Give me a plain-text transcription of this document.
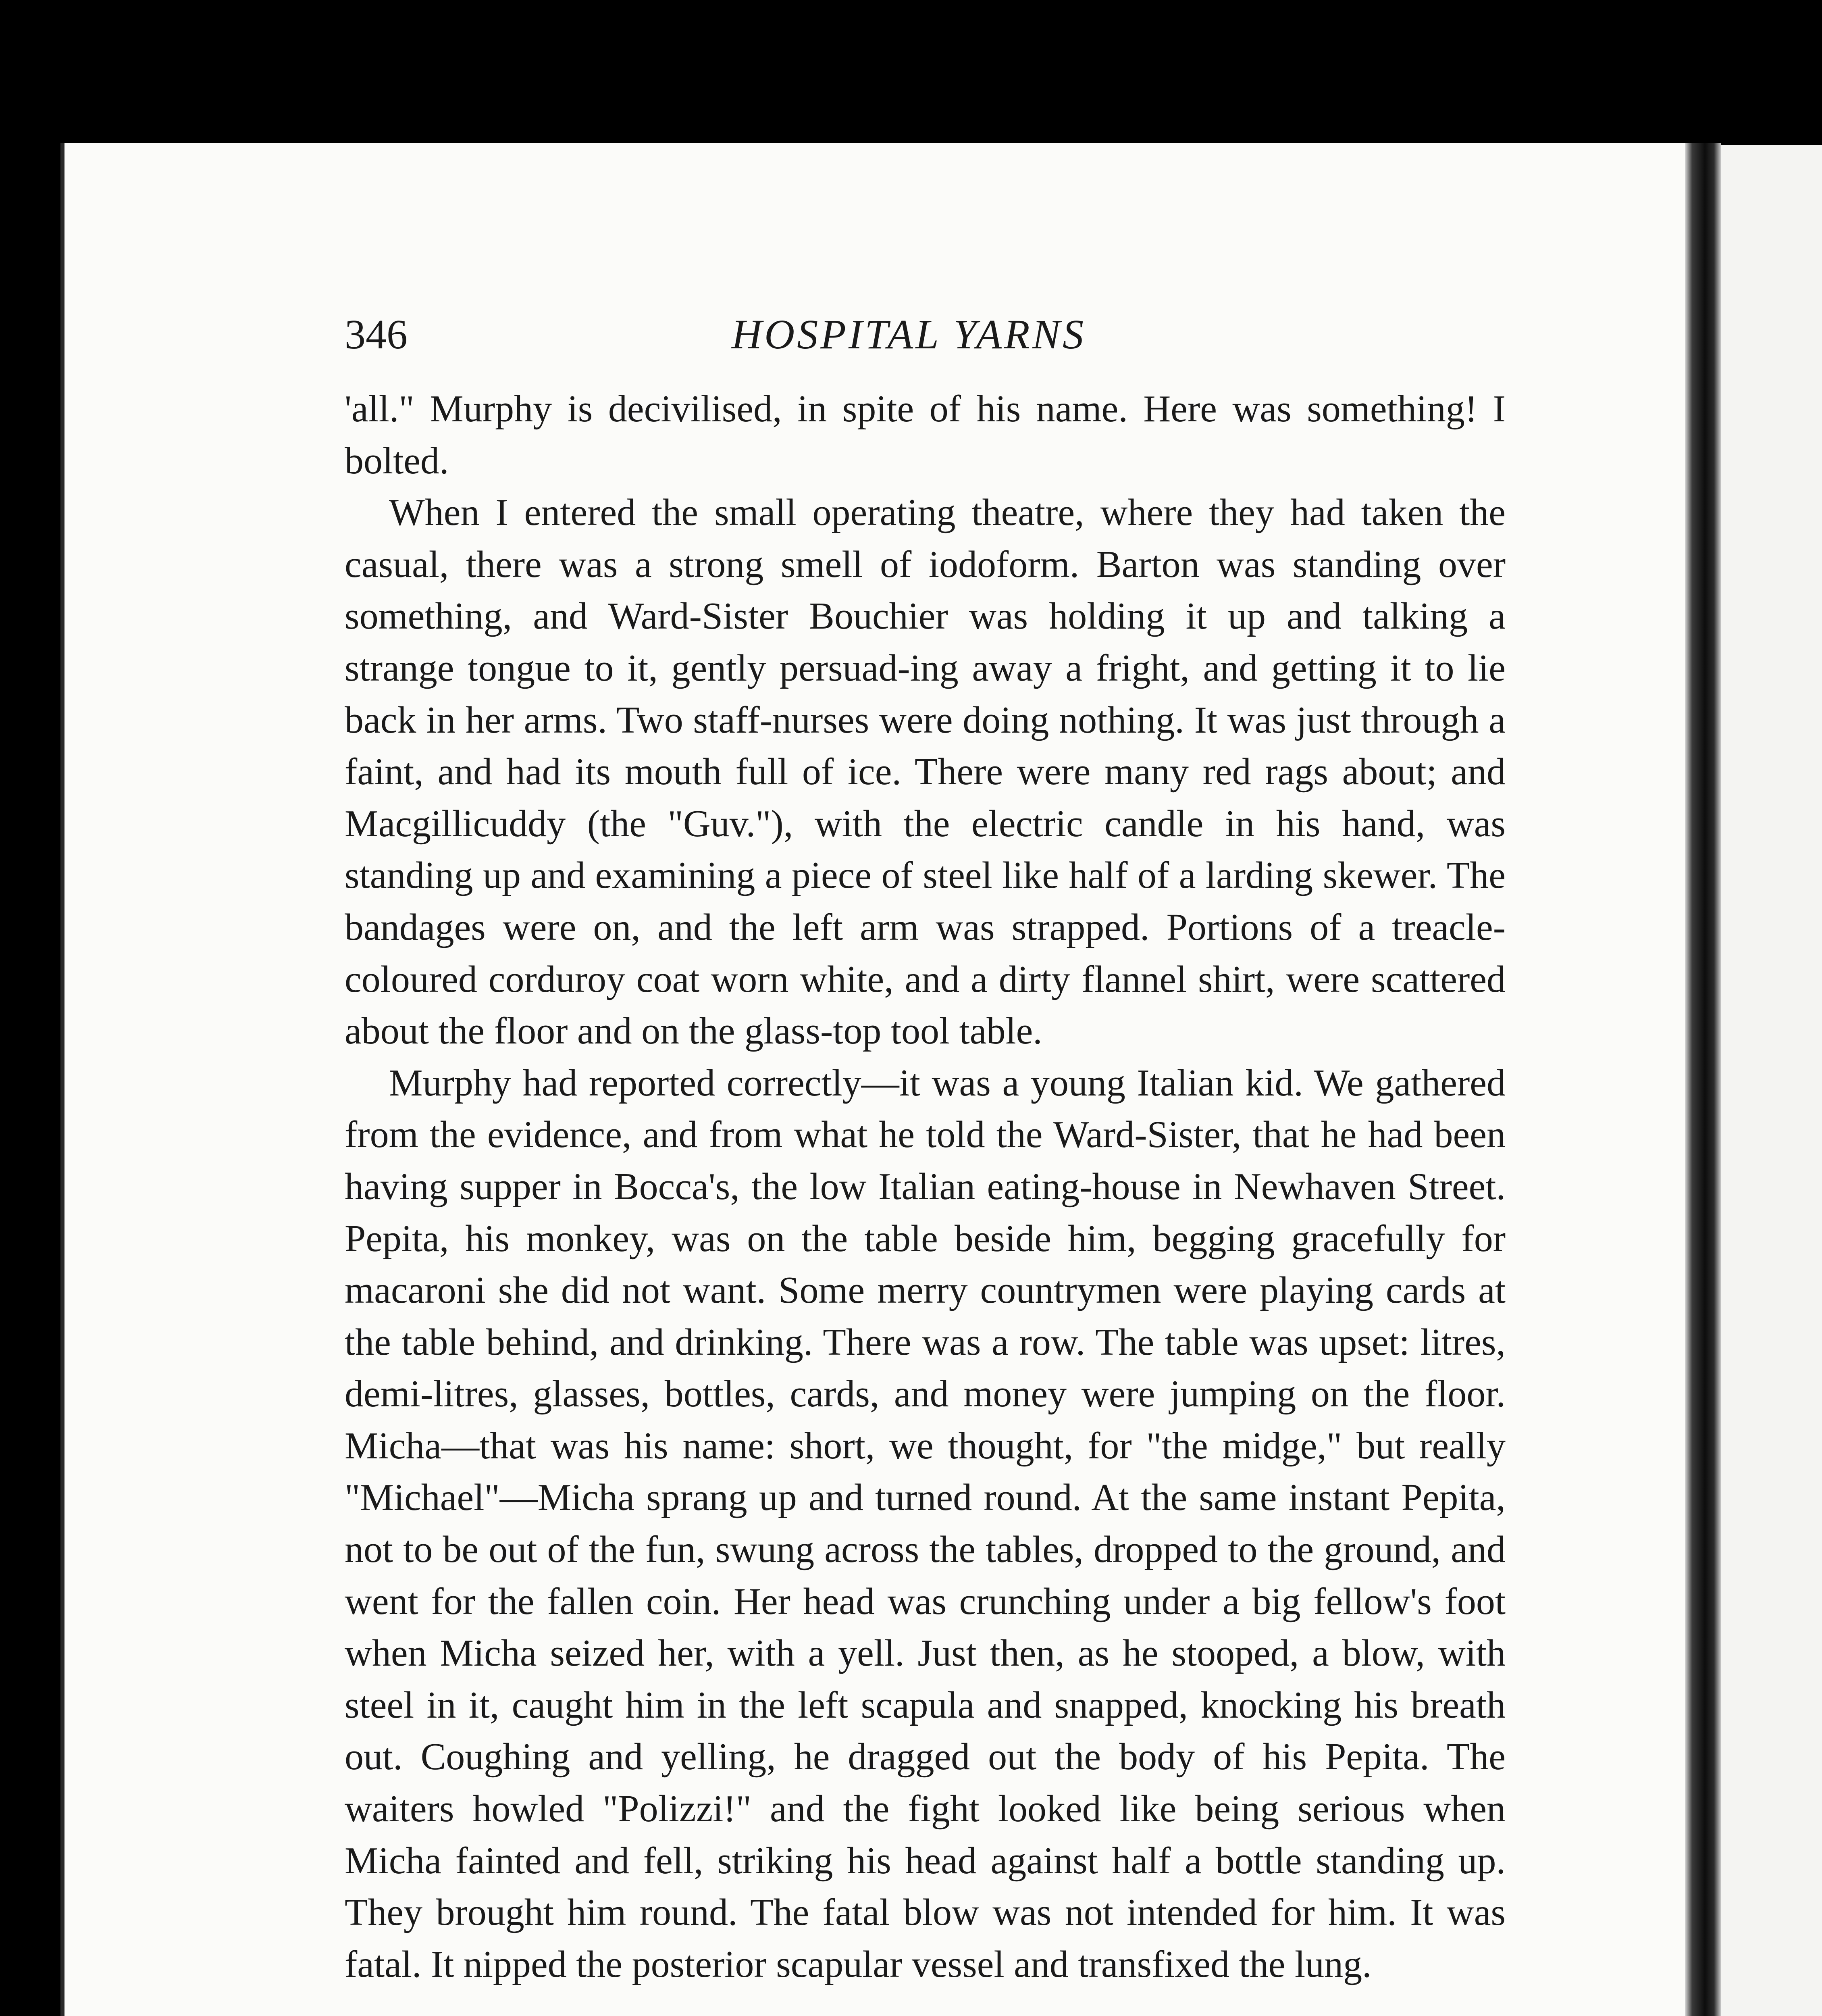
346	HOSPITAL YARNS

'all." Murphy is decivilised, in spite of his name. Here was something! I bolted.

When I entered the small operating theatre, where they had taken the casual, there was a strong smell of iodoform. Barton was standing over something, and Ward-Sister Bouchier was holding it up and talking a strange tongue to it, gently persuad-ing away a fright, and getting it to lie back in her arms. Two staff-nurses were doing nothing. It was just through a faint, and had its mouth full of ice. There were many red rags about; and Macgillicuddy (the "Guv."), with the electric candle in his hand, was standing up and examining a piece of steel like half of a larding skewer. The bandages were on, and the left arm was strapped. Portions of a treacle-coloured corduroy coat worn white, and a dirty flannel shirt, were scattered about the floor and on the glass-top tool table.

Murphy had reported correctly—it was a young Italian kid. We gathered from the evidence, and from what he told the Ward-Sister, that he had been having supper in Bocca's, the low Italian eating-house in Newhaven Street. Pepita, his monkey, was on the table beside him, begging gracefully for macaroni she did not want. Some merry countrymen were playing cards at the table behind, and drinking. There was a row. The table was upset: litres, demi-litres, glasses, bottles, cards, and money were jumping on the floor. Micha—that was his name: short, we thought, for "the midge," but really "Michael"—Micha sprang up and turned round. At the same instant Pepita, not to be out of the fun, swung across the tables, dropped to the ground, and went for the fallen coin. Her head was crunching under a big fellow's foot when Micha seized her, with a yell. Just then, as he stooped, a blow, with steel in it, caught him in the left scapula and snapped, knocking his breath out. Coughing and yelling, he dragged out the body of his Pepita. The waiters howled "Polizzi!" and the fight looked like being serious when Micha fainted and fell, striking his head against half a bottle standing up. They brought him round. The fatal blow was not intended for him. It was fatal. It nipped the posterior scapular vessel and transfixed the lung.
